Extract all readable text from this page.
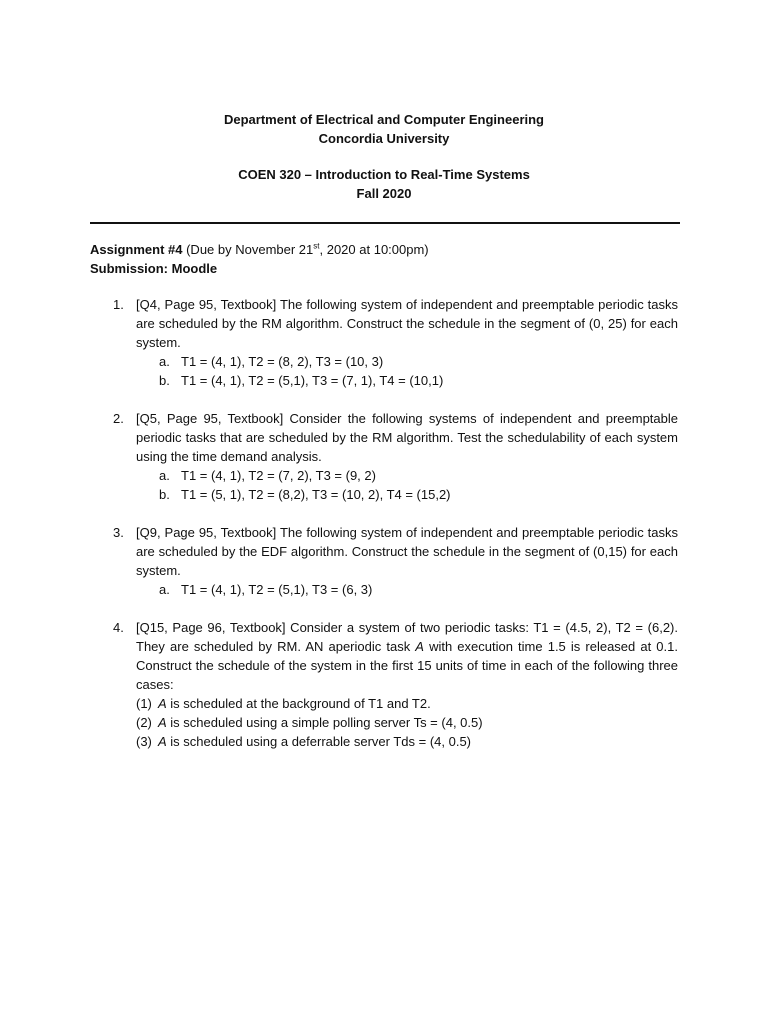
Department of Electrical and Computer Engineering
Concordia University
COEN 320 – Introduction to Real-Time Systems
Fall 2020
Assignment #4 (Due by November 21st, 2020 at 10:00pm)
Submission: Moodle
1. [Q4, Page 95, Textbook] The following system of independent and preemptable periodic tasks are scheduled by the RM algorithm. Construct the schedule in the segment of (0, 25) for each system.
a. T1 = (4, 1), T2 = (8, 2), T3 = (10, 3)
b. T1 = (4, 1), T2 = (5,1), T3 = (7, 1), T4 = (10,1)
2. [Q5, Page 95, Textbook] Consider the following systems of independent and preemptable periodic tasks that are scheduled by the RM algorithm. Test the schedulability of each system using the time demand analysis.
a. T1 = (4, 1), T2 = (7, 2), T3 = (9, 2)
b. T1 = (5, 1), T2 = (8,2), T3 = (10, 2), T4 = (15,2)
3. [Q9, Page 95, Textbook] The following system of independent and preemptable periodic tasks are scheduled by the EDF algorithm. Construct the schedule in the segment of (0,15) for each system.
a. T1 = (4, 1), T2 = (5,1), T3 = (6, 3)
4. [Q15, Page 96, Textbook] Consider a system of two periodic tasks: T1 = (4.5, 2), T2 = (6,2). They are scheduled by RM. AN aperiodic task A with execution time 1.5 is released at 0.1. Construct the schedule of the system in the first 15 units of time in each of the following three cases:
(1) A is scheduled at the background of T1 and T2.
(2) A is scheduled using a simple polling server Ts = (4, 0.5)
(3) A is scheduled using a deferrable server Tds = (4, 0.5)
